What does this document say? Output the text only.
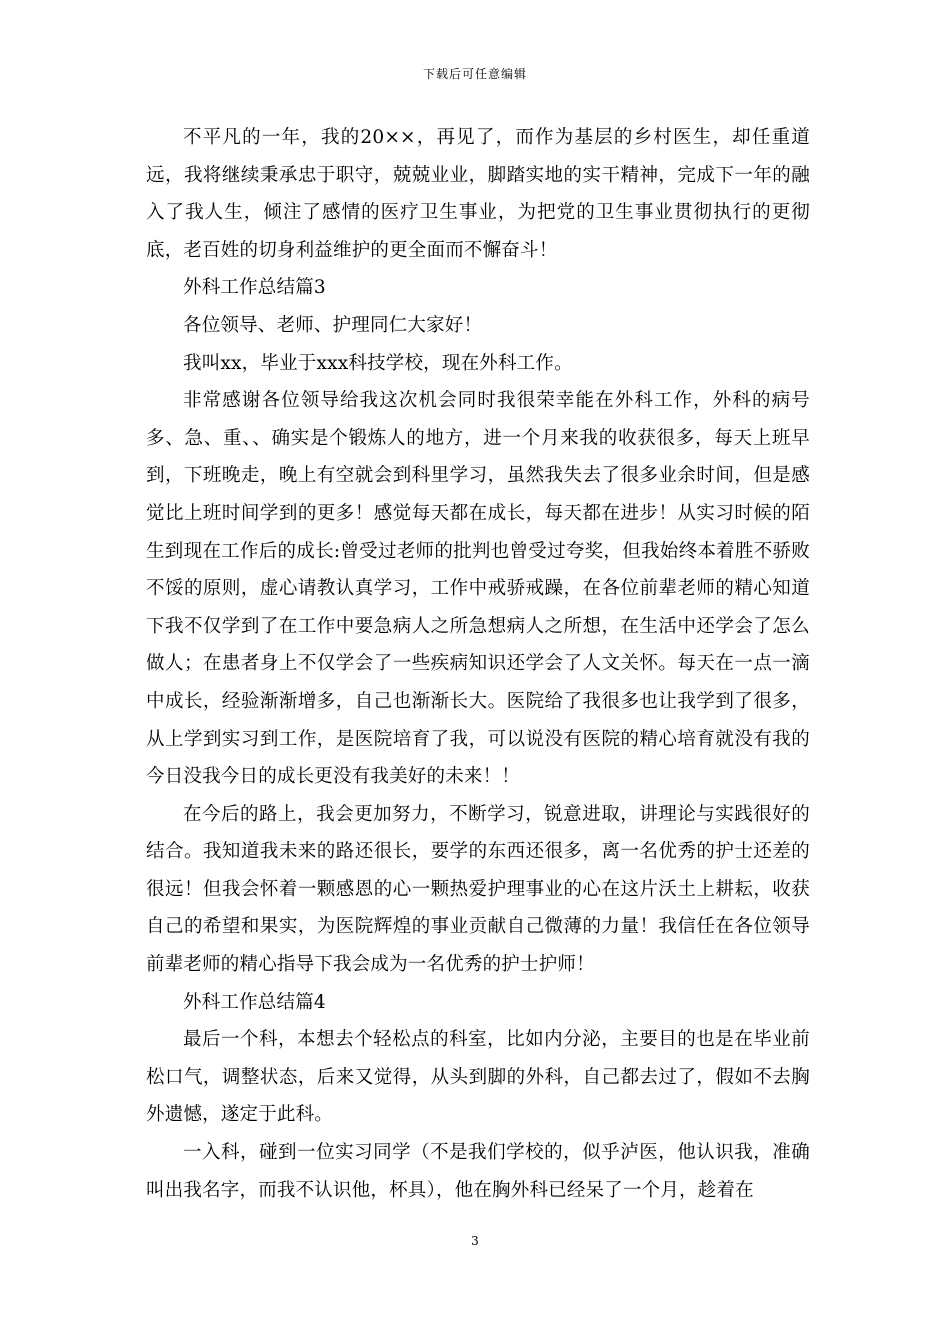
下载后可任意编辑

不平凡的一年，我的20××，再见了，而作为基层的乡村医生，却任重道远，我将继续秉承忠于职守，兢兢业业，脚踏实地的实干精神，完成下一年的融入了我人生，倾注了感情的医疗卫生事业，为把党的卫生事业贯彻执行的更彻底，老百姓的切身利益维护的更全面而不懈奋斗！

外科工作总结篇3

各位领导、老师、护理同仁大家好！

我叫xx，毕业于xxx科技学校，现在外科工作。

非常感谢各位领导给我这次机会同时我很荣幸能在外科工作，外科的病号多、急、重、、确实是个锻炼人的地方，进一个月来我的收获很多，每天上班早到，下班晚走，晚上有空就会到科里学习，虽然我失去了很多业余时间，但是感觉比上班时间学到的更多！感觉每天都在成长，每天都在进步！从实习时候的陌生到现在工作后的成长:曾受过老师的批判也曾受过夸奖，但我始终本着胜不骄败不馁的原则，虚心请教认真学习，工作中戒骄戒躁，在各位前辈老师的精心知道下我不仅学到了在工作中要急病人之所急想病人之所想，在生活中还学会了怎么做人；在患者身上不仅学会了一些疾病知识还学会了人文关怀。每天在一点一滴中成长，经验渐渐增多，自己也渐渐长大。医院给了我很多也让我学到了很多，从上学到实习到工作，是医院培育了我，可以说没有医院的精心培育就没有我的今日没我今日的成长更没有我美好的未来！！

在今后的路上，我会更加努力，不断学习，锐意进取，讲理论与实践很好的结合。我知道我未来的路还很长，要学的东西还很多，离一名优秀的护士还差的很远！但我会怀着一颗感恩的心一颗热爱护理事业的心在这片沃土上耕耘，收获自己的希望和果实，为医院辉煌的事业贡献自己微薄的力量！我信任在各位领导前辈老师的精心指导下我会成为一名优秀的护士护师！

外科工作总结篇4

最后一个科，本想去个轻松点的科室，比如内分泌，主要目的也是在毕业前松口气，调整状态，后来又觉得，从头到脚的外科，自己都去过了，假如不去胸外遗憾，遂定于此科。

一入科，碰到一位实习同学（不是我们学校的，似乎泸医，他认识我，准确叫出我名字，而我不认识他，杯具），他在胸外科已经呆了一个月，趁着在

3
